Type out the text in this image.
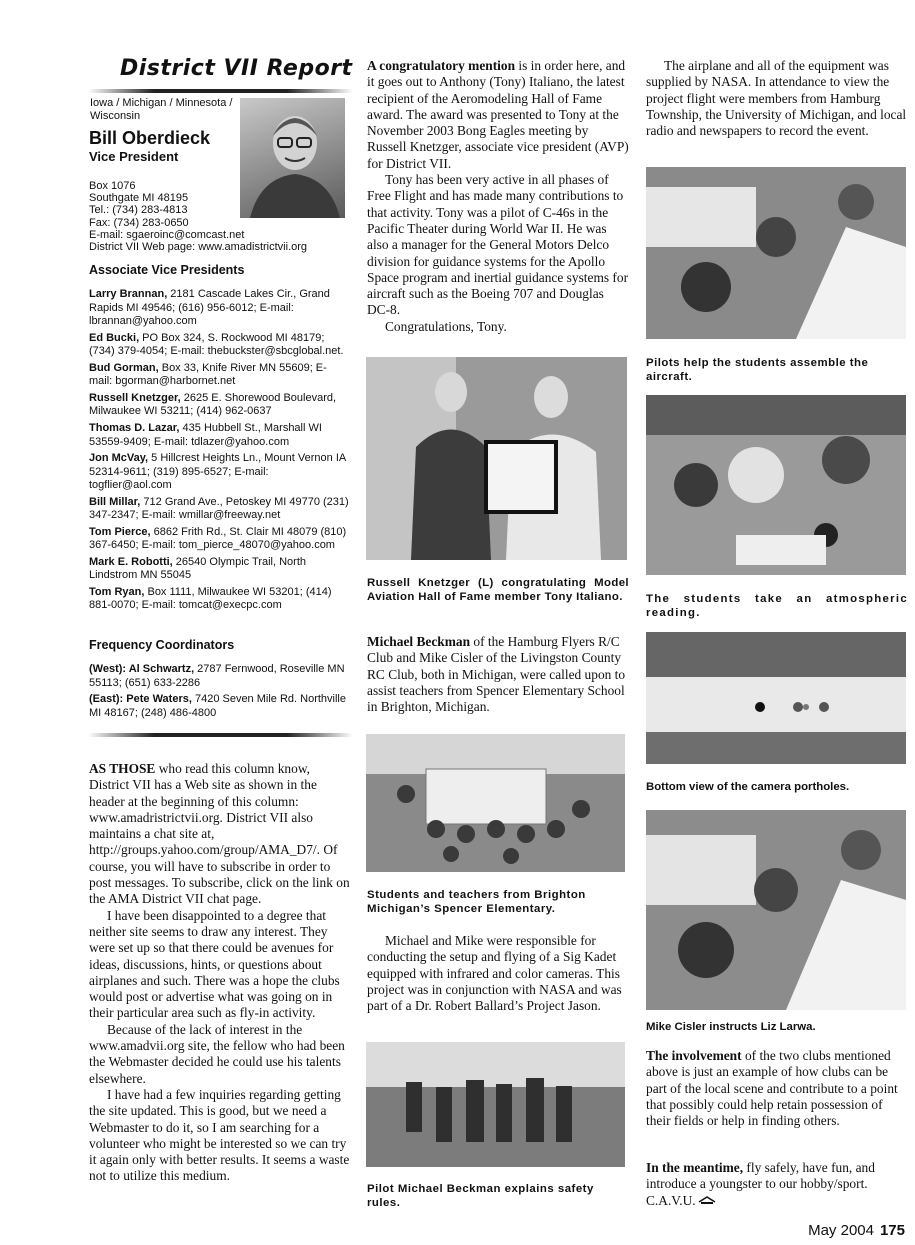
District VII Report
Iowa / Michigan / Minnesota / Wisconsin
Bill Oberdieck
Vice President
Box 1076
Southgate MI 48195
Tel.: (734) 283-4813
Fax: (734) 283-0650
E-mail: sgaeroinc@comcast.net
District VII Web page: www.amadistrictvii.org
Associate Vice Presidents
Larry Brannan, 2181 Cascade Lakes Cir., Grand Rapids MI 49546; (616) 956-6012; E-mail: lbrannan@yahoo.com
Ed Bucki, PO Box 324, S. Rockwood MI 48179; (734) 379-4054; E-mail: thebuckster@sbcglobal.net.
Bud Gorman, Box 33, Knife River MN 55609; E-mail: bgorman@harbornet.net
Russell Knetzger, 2625 E. Shorewood Boulevard, Milwaukee WI 53211; (414) 962-0637
Thomas D. Lazar, 435 Hubbell St., Marshall WI 53559-9409; E-mail: tdlazer@yahoo.com
Jon McVay, 5 Hillcrest Heights Ln., Mount Vernon IA 52314-9611; (319) 895-6527; E-mail: togflier@aol.com
Bill Millar, 712 Grand Ave., Petoskey MI 49770 (231) 347-2347; E-mail: wmillar@freeway.net
Tom Pierce, 6862 Frith Rd., St. Clair MI 48079 (810) 367-6450; E-mail: tom_pierce_48070@yahoo.com
Mark E. Robotti, 26540 Olympic Trail, North Lindstrom MN 55045
Tom Ryan, Box 1111, Milwaukee WI 53201; (414) 881-0070; E-mail: tomcat@execpc.com
Frequency Coordinators
(West): Al Schwartz, 2787 Fernwood, Roseville MN 55113; (651) 633-2286
(East): Pete Waters, 7420 Seven Mile Rd. Northville MI 48167; (248) 486-4800

AS THOSE who read this column know, District VII has a Web site as shown in the header at the beginning of this column: www.amadristrictvii.org. District VII also maintains a chat site at, http://groups.yahoo.com/group/AMA_D7/. Of course, you will have to subscribe in order to post messages. To subscribe, click on the link on the AMA District VII chat page.

I have been disappointed to a degree that neither site seems to draw any interest. They were set up so that there could be avenues for ideas, discussions, hints, or questions about airplanes and such. There was a hope the clubs would post or advertise what was going on in their particular area such as fly-in activity.

Because of the lack of interest in the www.amadvii.org site, the fellow who had been the Webmaster decided he could use his talents elsewhere.

I have had a few inquiries regarding getting the site updated. This is good, but we need a Webmaster to do it, so I am searching for a volunteer who might be interested so we can try it again only with better results. It seems a waste not to utilize this medium.

A congratulatory mention is in order here, and it goes out to Anthony (Tony) Italiano, the latest recipient of the Aeromodeling Hall of Fame award. The award was presented to Tony at the November 2003 Bong Eagles meeting by Russell Knetzger, associate vice president (AVP) for District VII.

Tony has been very active in all phases of Free Flight and has made many contributions to that activity. Tony was a pilot of C-46s in the Pacific Theater during World War II. He was also a manager for the General Motors Delco division for guidance systems for the Apollo Space program and inertial guidance systems for aircraft such as the Boeing 707 and Douglas DC-8.

Congratulations, Tony.

Russell Knetzger (L) congratulating Model Aviation Hall of Fame member Tony Italiano.

Michael Beckman of the Hamburg Flyers R/C Club and Mike Cisler of the Livingston County RC Club, both in Michigan, were called upon to assist teachers from Spencer Elementary School in Brighton, Michigan.

Students and teachers from Brighton Michigan’s Spencer Elementary.

Michael and Mike were responsible for conducting the setup and flying of a Sig Kadet equipped with infrared and color cameras. This project was in conjunction with NASA and was part of a Dr. Robert Ballard’s Project Jason.

Pilot Michael Beckman explains safety rules.

The airplane and all of the equipment was supplied by NASA. In attendance to view the project flight were members from Hamburg Township, the University of Michigan, and local radio and newspapers to record the event.

Pilots help the students assemble the aircraft.
The students take an atmospheric reading.
Bottom view of the camera portholes.
Mike Cisler instructs Liz Larwa.

The involvement of the two clubs mentioned above is just an example of how clubs can be part of the local scene and contribute to a point that possibly could help retain possession of their fields or help in finding others.

In the meantime, fly safely, have fun, and introduce a youngster to our hobby/sport. C.A.V.U.

May 2004 175
